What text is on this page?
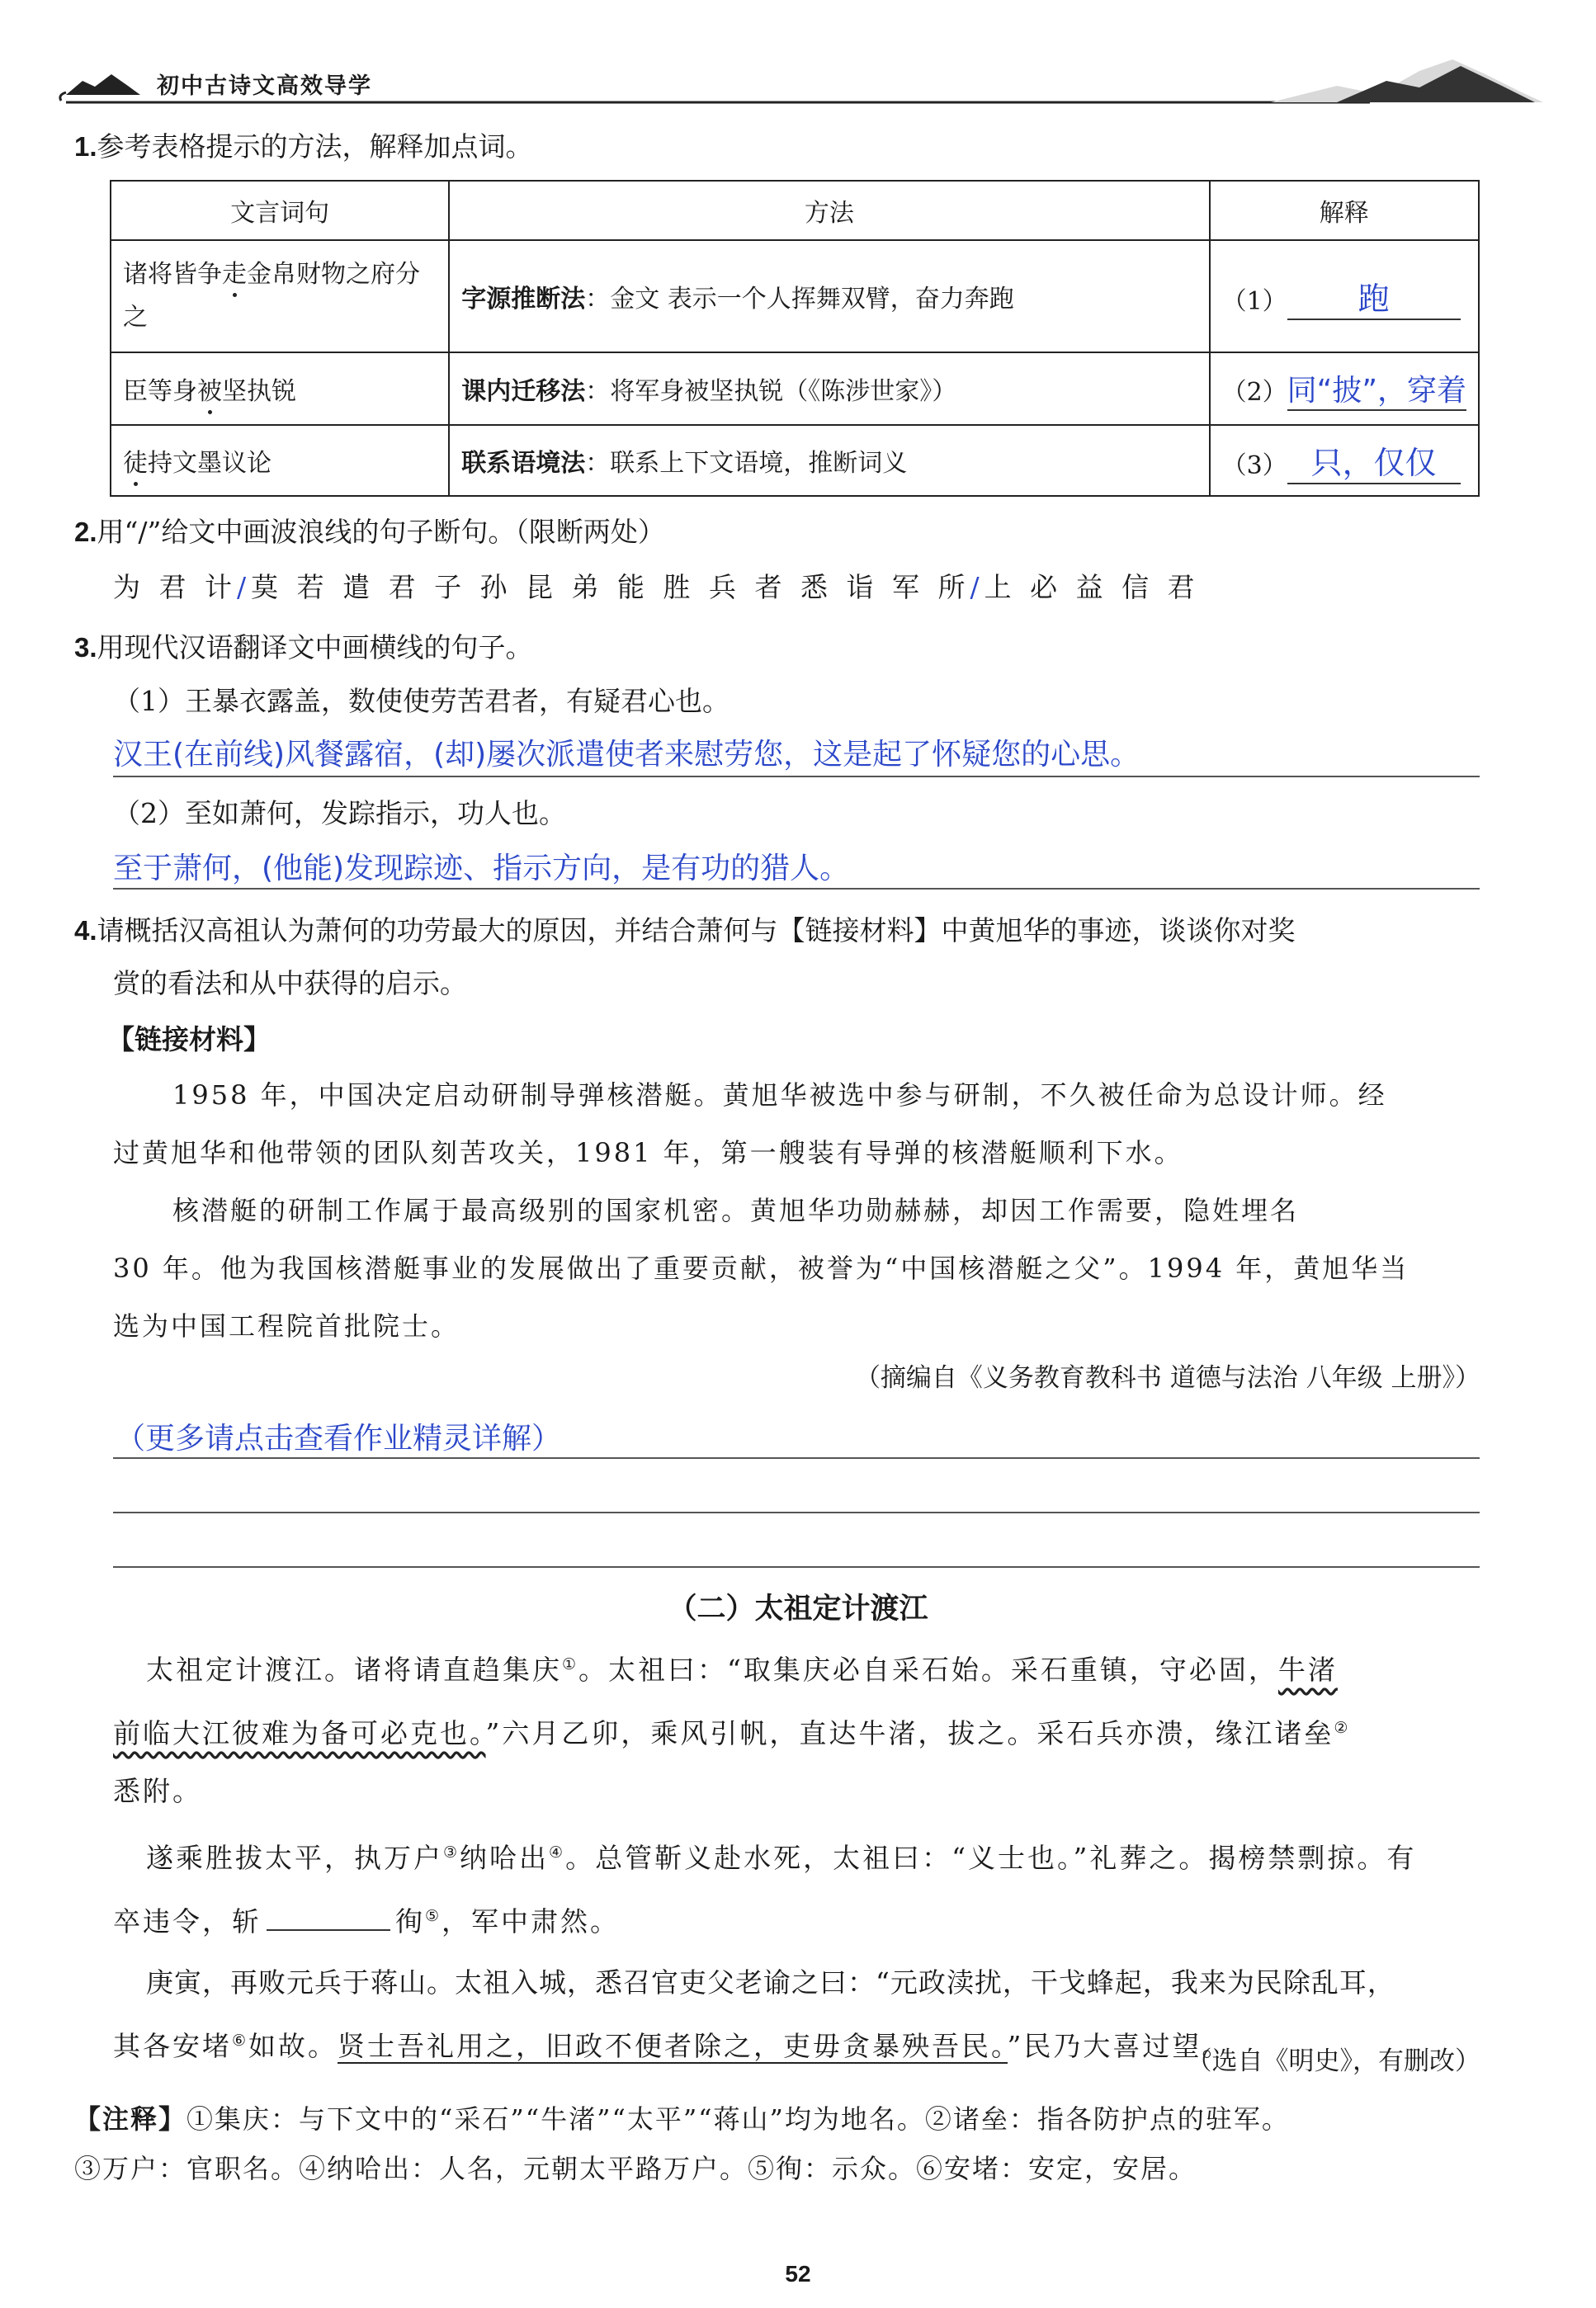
初中古诗文高效导学
1.参考表格提示的方法，解释加点词。
文言词句	方法	解释
诸将皆争走金帛财物之府分之	字源推断法：金文 表示一个人挥舞双臂，奋力奔跑	（1） 跑
臣等身被坚执锐	课内迁移法：将军身被坚执锐（《陈涉世家》）	（2）同“披”，穿着
徒持文墨议论	联系语境法：联系上下文语境，推断词义	（3） 只，仅仅
2.用“/”给文中画波浪线的句子断句。（限断两处）
为 君 计/莫 若 遣 君 子 孙 昆 弟 能 胜 兵 者 悉 诣 军 所/上 必 益 信 君
3.用现代汉语翻译文中画横线的句子。
（1）王暴衣露盖，数使使劳苦君者，有疑君心也。
汉王(在前线)风餐露宿，(却)屡次派遣使者来慰劳您，这是起了怀疑您的心思。
（2）至如萧何，发踪指示，功人也。
至于萧何，(他能)发现踪迹、指示方向，是有功的猎人。
4.请概括汉高祖认为萧何的功劳最大的原因，并结合萧何与【链接材料】中黄旭华的事迹，谈谈你对奖
赏的看法和从中获得的启示。
【链接材料】
1958 年，中国决定启动研制导弹核潜艇。黄旭华被选中参与研制，不久被任命为总设计师。经
过黄旭华和他带领的团队刻苦攻关，1981 年，第一艘装有导弹的核潜艇顺利下水。
核潜艇的研制工作属于最高级别的国家机密。黄旭华功勋赫赫，却因工作需要，隐姓埋名
30 年。他为我国核潜艇事业的发展做出了重要贡献，被誉为“中国核潜艇之父”。1994 年，黄旭华当
选为中国工程院首批院士。
（摘编自《义务教育教科书 道德与法治 八年级 上册》）
（更多请点击查看作业精灵详解）
（二）太祖定计渡江
太祖定计渡江。诸将请直趋集庆①。太祖曰：“取集庆必自采石始。采石重镇，守必固，牛渚
前临大江彼难为备可必克也。”六月乙卯，乘风引帆，直达牛渚，拔之。采石兵亦溃，缘江诸垒②
悉附。
遂乘胜拔太平，执万户③纳哈出④。总管靳义赴水死，太祖曰：“义士也。”礼葬之。揭榜禁剽掠。有
卒违令，斩	徇⑤，军中肃然。
庚寅，再败元兵于蒋山。太祖入城，悉召官吏父老谕之曰：“元政渎扰，干戈蜂起，我来为民除乱耳，
其各安堵⑥如故。贤士吾礼用之，旧政不便者除之，吏毋贪暴殃吾民。”民乃大喜过望。
（选自《明史》，有删改）
【注释】①集庆：与下文中的“采石”“牛渚”“太平”“蒋山”均为地名。②诸垒：指各防护点的驻军。
③万户：官职名。④纳哈出：人名，元朝太平路万户。⑤徇：示众。⑥安堵：安定，安居。
52
